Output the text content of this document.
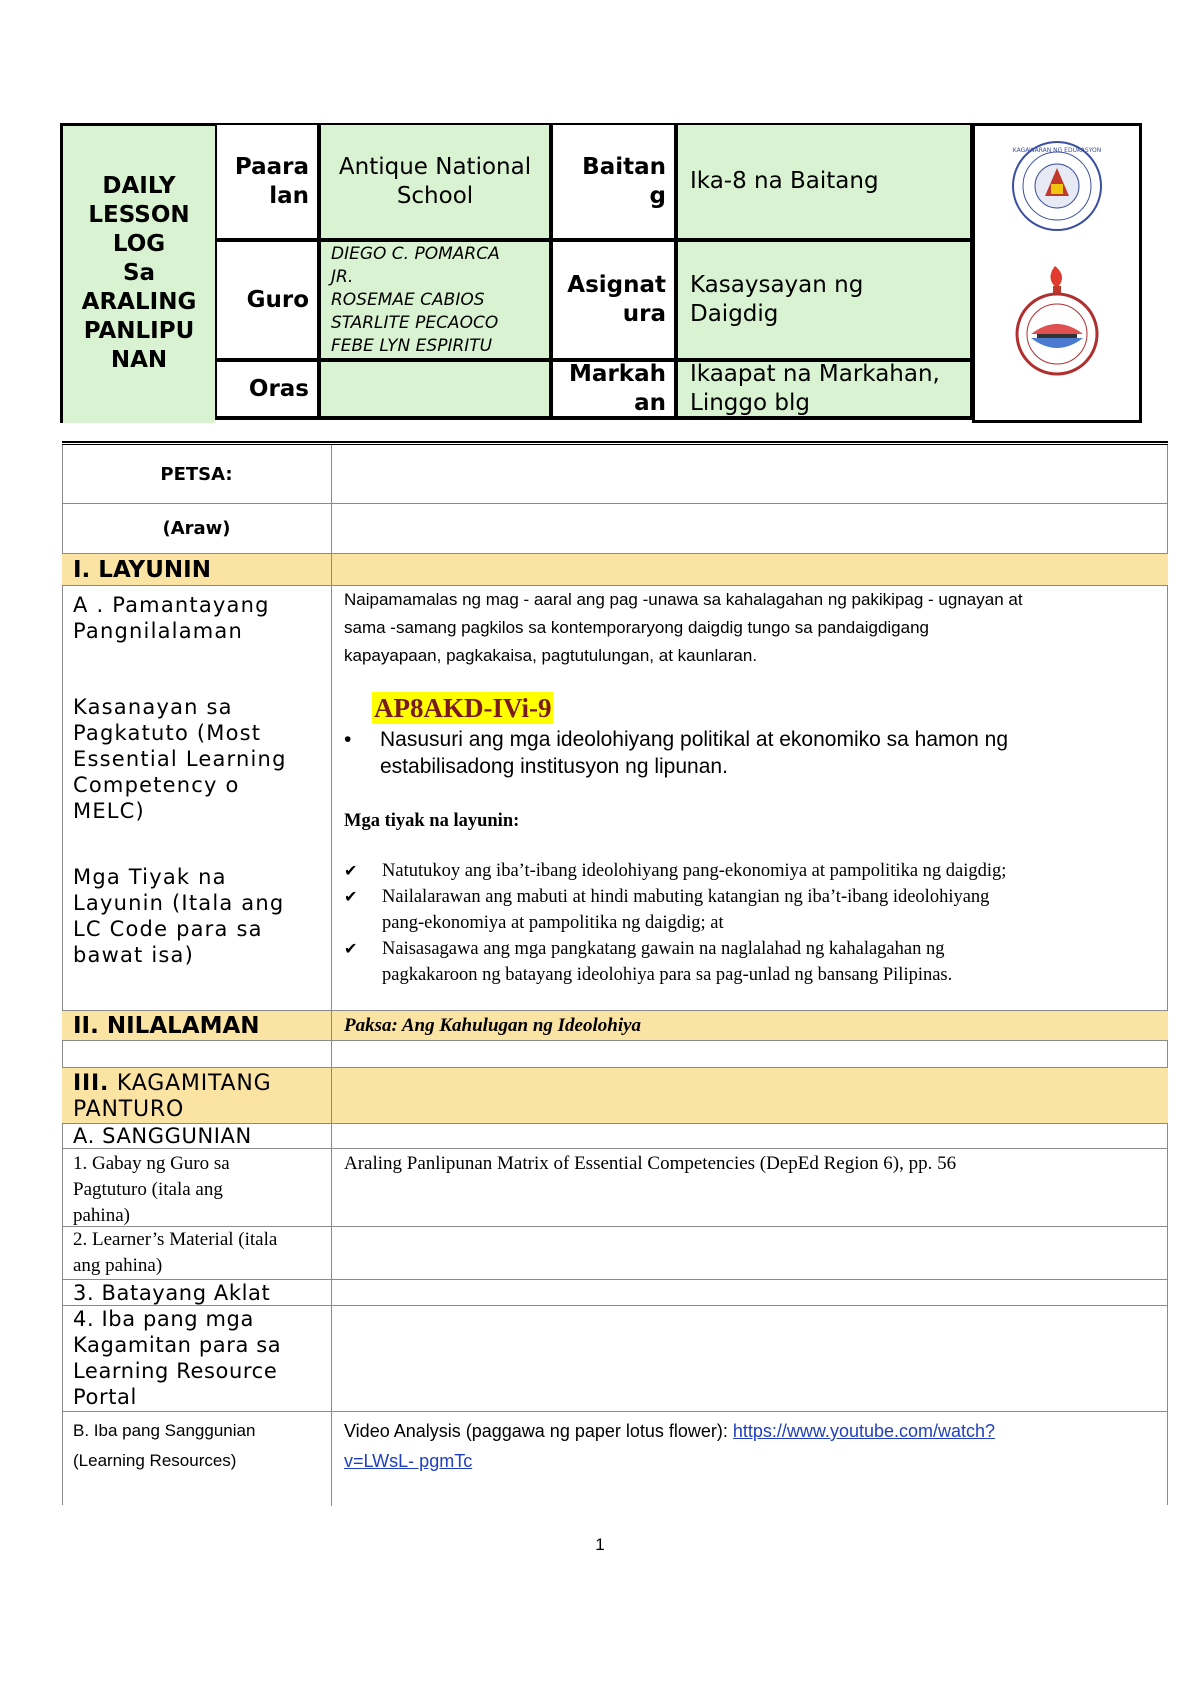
DAILY
LESSON
LOG
Sa
ARALING
PANLIPU
NAN
Paara
lan
Antique National
School
Baitan
g
Ika-8 na Baitang
KAGAWARAN NG EDUKASYON
Guro
DIEGO C. POMARCA
JR.
ROSEMAE CABIOS
STARLITE PECAOCO
FEBE LYN ESPIRITU
Asignat
ura
Kasaysayan ng
Daigdig
Oras
Markah
an
Ikaapat na Markahan,
Linggo blg
PETSA:
(Araw)
I. LAYUNIN
A . Pamantayang
Pangnilalaman
Kasanayan sa
Pagkatuto (Most
Essential Learning
Competency o
MELC)
Mga Tiyak na
Layunin (Itala ang
LC Code para sa
bawat isa)
Naipamamalas ng mag - aaral ang pag -unawa sa kahalagahan ng pakikipag - ugnayan at
sama -samang pagkilos sa kontemporaryong daigdig tungo sa pandaigdigang
kapayapaan, pagkakaisa, pagtutulungan, at kaunlaran.
AP8AKD-IVi-9
• Nasusuri ang mga ideolohiyang politikal at ekonomiko sa hamon ng
estabilisadong institusyon ng lipunan.
Mga tiyak na layunin:
✔ Natutukoy ang iba’t-ibang ideolohiyang pang-ekonomiya at pampolitika ng daigdig;
✔ Nailalarawan ang mabuti at hindi mabuting katangian ng iba’t-ibang ideolohiyang
pang-ekonomiya at pampolitika ng daigdig; at
✔ Naisasagawa ang mga pangkatang gawain na naglalahad ng kahalagahan ng
pagkakaroon ng batayang ideolohiya para sa pag-unlad ng bansang Pilipinas.
II. NILALAMAN	Paksa: Ang Kahulugan ng Ideolohiya
III. KAGAMITANG
PANTURO
A. SANGGUNIAN
1. Gabay ng Guro sa
Pagtuturo (itala ang
pahina)
Araling Panlipunan Matrix of Essential Competencies (DepEd Region 6), pp. 56
2. Learner’s Material (itala
ang pahina)
3. Batayang Aklat
4. Iba pang mga
Kagamitan para sa
Learning Resource
Portal
B. Iba pang Sanggunian
(Learning Resources)
Video Analysis (paggawa ng paper lotus flower): https://www.youtube.com/watch?
v=LWsL- pgmTc
1
